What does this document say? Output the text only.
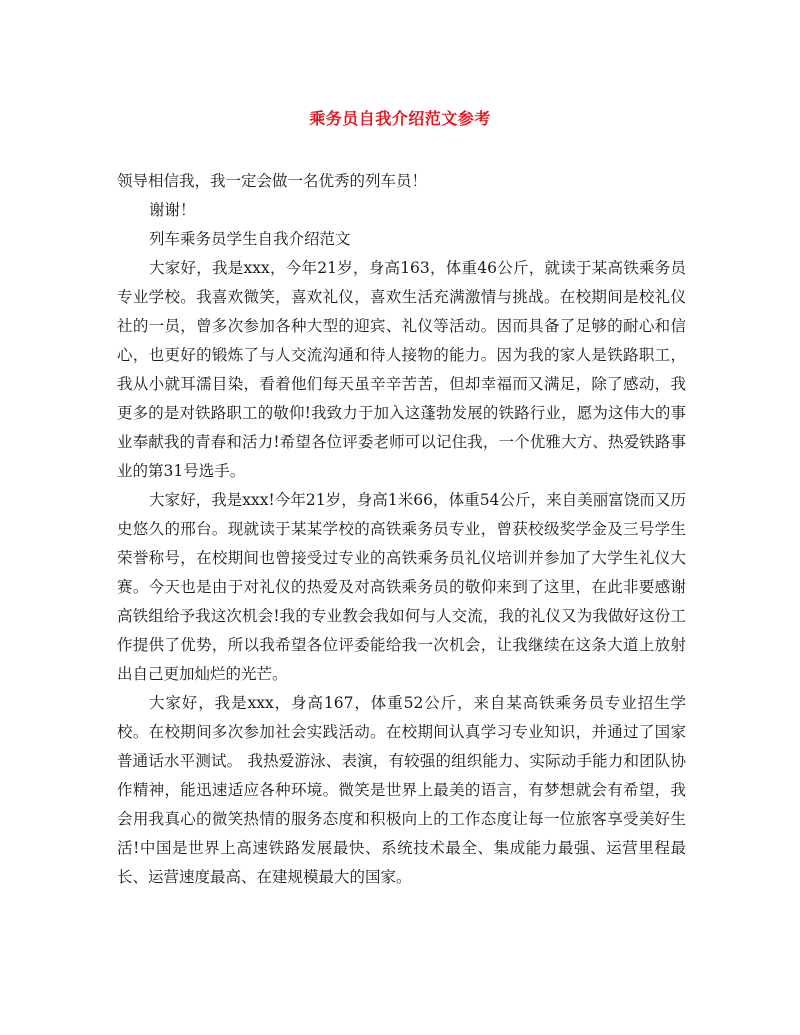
乘务员自我介绍范文参考

领导相信我，我一定会做一名优秀的列车员！

谢谢！

列车乘务员学生自我介绍范文

大家好，我是xxx，今年21岁，身高163，体重46公斤，就读于某高铁乘务员专业学校。我喜欢微笑，喜欢礼仪，喜欢生活充满激情与挑战。在校期间是校礼仪社的一员，曾多次参加各种大型的迎宾、礼仪等活动。因而具备了足够的耐心和信心，也更好的锻炼了与人交流沟通和待人接物的能力。因为我的家人是铁路职工，我从小就耳濡目染，看着他们每天虽辛辛苦苦，但却幸福而又满足，除了感动，我更多的是对铁路职工的敬仰!我致力于加入这蓬勃发展的铁路行业，愿为这伟大的事业奉献我的青春和活力!希望各位评委老师可以记住我，一个优雅大方、热爱铁路事业的第31号选手。

大家好，我是xxx!今年21岁，身高1米66，体重54公斤，来自美丽富饶而又历史悠久的邢台。现就读于某某学校的高铁乘务员专业，曾获校级奖学金及三号学生荣誉称号，在校期间也曾接受过专业的高铁乘务员礼仪培训并参加了大学生礼仪大赛。今天也是由于对礼仪的热爱及对高铁乘务员的敬仰来到了这里，在此非要感谢高铁组给予我这次机会!我的专业教会我如何与人交流，我的礼仪又为我做好这份工作提供了优势，所以我希望各位评委能给我一次机会，让我继续在这条大道上放射出自己更加灿烂的光芒。

大家好，我是xxx，身高167，体重52公斤，来自某高铁乘务员专业招生学校。在校期间多次参加社会实践活动。在校期间认真学习专业知识，并通过了国家普通话水平测试。 我热爱游泳、表演，有较强的组织能力、实际动手能力和团队协作精神，能迅速适应各种环境。微笑是世界上最美的语言，有梦想就会有希望，我会用我真心的微笑热情的服务态度和积极向上的工作态度让每一位旅客享受美好生活!中国是世界上高速铁路发展最快、系统技术最全、集成能力最强、运营里程最长、运营速度最高、在建规模最大的国家。
